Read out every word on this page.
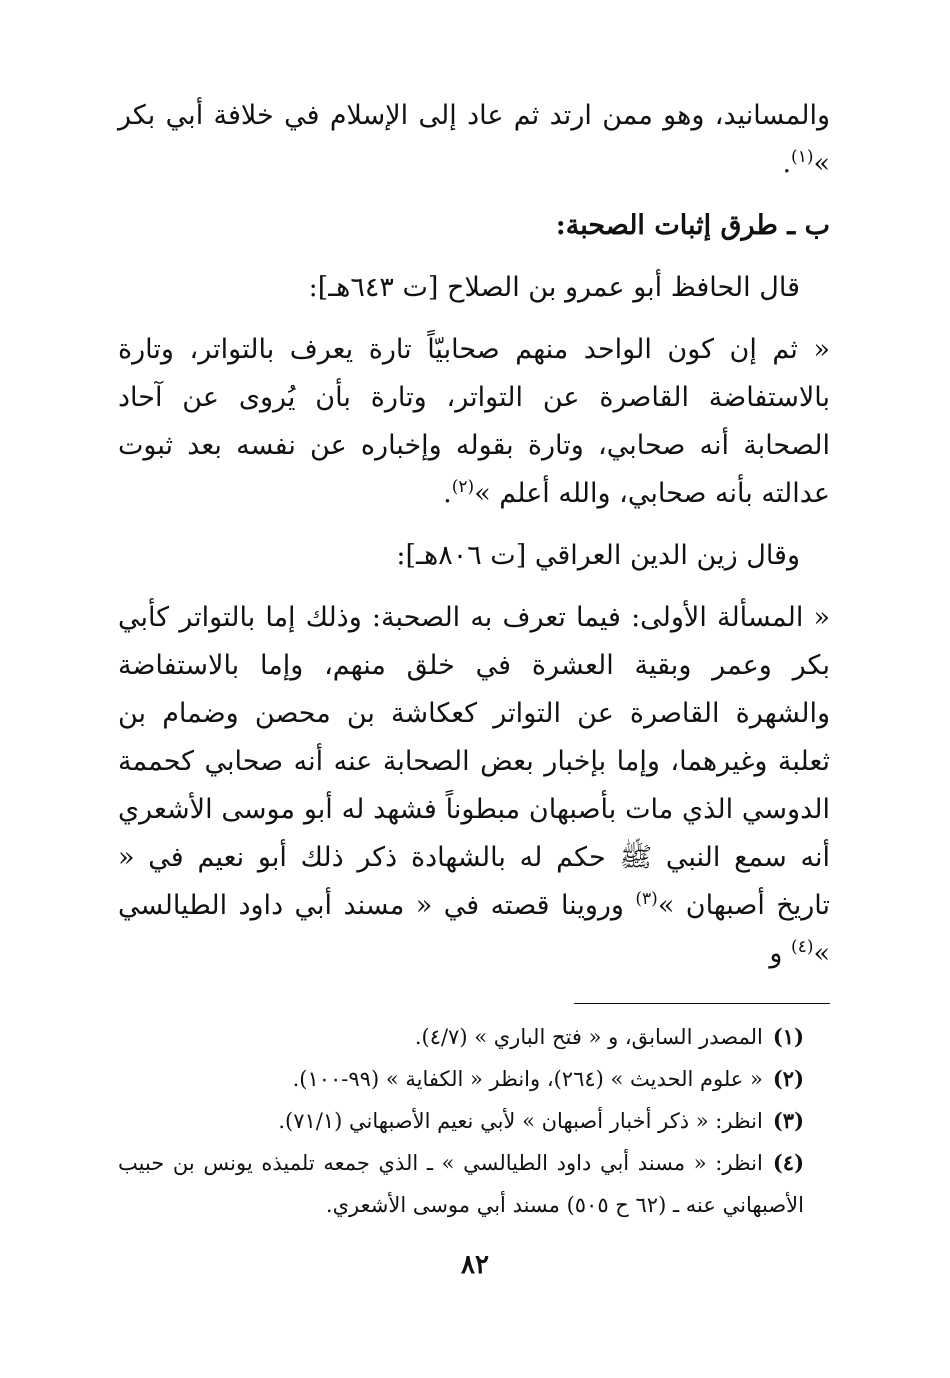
والمسانيد، وهو ممن ارتد ثم عاد إلى الإسلام في خلافة أبي بكر »$^{(١)}$.

ب ـ طرق إثبات الصحبة:

قال الحافظ أبو عمرو بن الصلاح [ت ٦٤٣هـ]:

« ثم إن كون الواحد منهم صحابيّاً تارة يعرف بالتواتر، وتارة بالاستفاضة القاصرة عن التواتر، وتارة بأن يُروى عن آحاد الصحابة أنه صحابي، وتارة بقوله وإخباره عن نفسه بعد ثبوت عدالته بأنه صحابي، والله أعلم »$^{(٢)}$.

وقال زين الدين العراقي [ت ٨٠٦هـ]:

« المسألة الأولى: فيما تعرف به الصحبة: وذلك إما بالتواتر كأبي بكر وعمر وبقية العشرة في خلق منهم، وإما بالاستفاضة والشهرة القاصرة عن التواتر كعكاشة بن محصن وضمام بن ثعلبة وغيرهما، وإما بإخبار بعض الصحابة عنه أنه صحابي كحممة الدوسي الذي مات بأصبهان مبطوناً فشهد له أبو موسى الأشعري أنه سمع النبي ﷺ حكم له بالشهادة ذكر ذلك أبو نعيم في « تاريخ أصبهان »$^{(٣)}$ وروينا قصته في « مسند أبي داود الطيالسي »$^{(٤)}$ و

(١)المصدر السابق، و « فتح الباري » (٤/٧).

(٢)« علوم الحديث » (٢٦٤)، وانظر « الكفاية » (٩٩-١٠٠).

(٣)انظر: « ذكر أخبار أصبهان » لأبي نعيم الأصبهاني (٧١/١).

(٤)انظر: « مسند أبي داود الطيالسي » ـ الذي جمعه تلميذه يونس بن حبيب الأصبهاني عنه ـ (٦٢ ح ٥٠٥) مسند أبي موسى الأشعري.

٨٢
